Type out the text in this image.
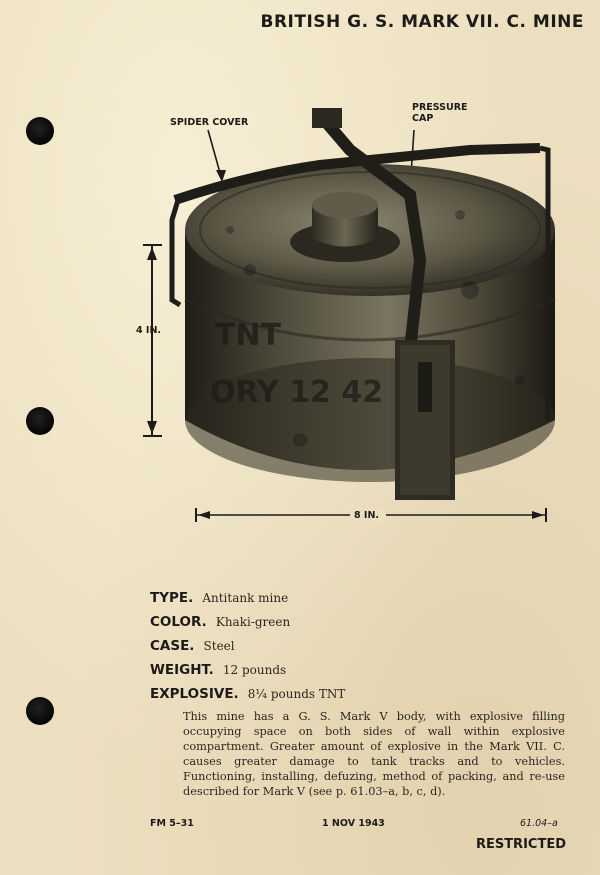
BRITISH G. S. MARK VII. C. MINE
SPIDER COVER
PRESSURE CAP
4 IN. TNT
ORY 12 42
8 IN.
TYPE. Antitank mine
COLOR. Khaki-green
CASE. Steel
WEIGHT. 12 pounds
EXPLOSIVE. 8¼ pounds TNT
This mine has a G. S. Mark V body, with explosive filling occupying space on both sides of wall within explosive compartment. Greater amount of explosive in the Mark VII. C. causes greater damage to tank tracks and to vehicles. Functioning, installing, defuzing, method of packing, and re-use described for Mark V (see p. 61.03–a, b, c, d).
FM 5–31	1 NOV 1943	61.04–a
RESTRICTED
